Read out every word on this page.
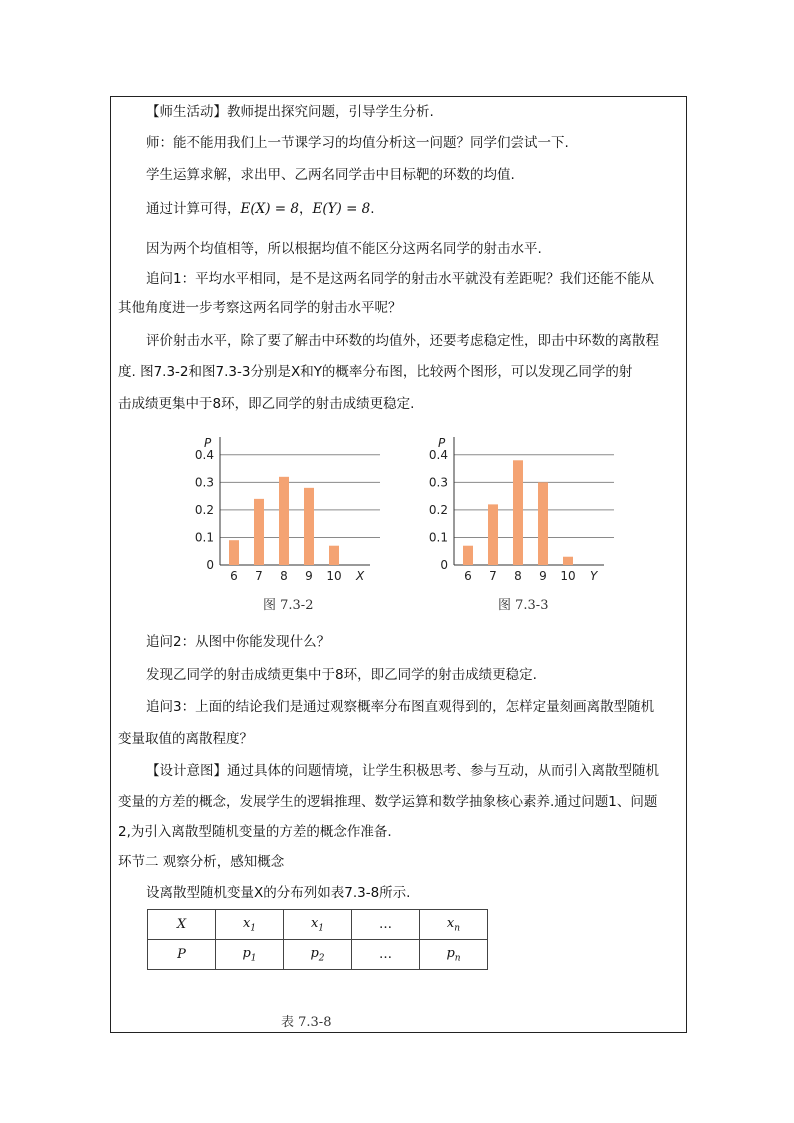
【师生活动】教师提出探究问题，引导学生分析.
师：能不能用我们上一节课学习的均值分析这一问题？同学们尝试一下.
学生运算求解，求出甲、乙两名同学击中目标靶的环数的均值.
通过计算可得，E(X) = 8，E(Y) = 8.
因为两个均值相等，所以根据均值不能区分这两名同学的射击水平.
追问1：平均水平相同，是不是这两名同学的射击水平就没有差距呢？我们还能不能从
其他角度进一步考察这两名同学的射击水平呢？
评价射击水平，除了要了解击中环数的均值外，还要考虑稳定性，即击中环数的离散程
度. 图7.3-2和图7.3-3分别是X和Y的概率分布图，比较两个图形，可以发现乙同学的射
击成绩更集中于8环，即乙同学的射击成绩更稳定.
0
0.1
0.2
0.3
0.4
P
6 7 8 9 10 X
0
0.1
0.2
0.3
0.4
P
6 7 8 9 10 Y
图 7.3-2	图 7.3-3
追问2：从图中你能发现什么？
发现乙同学的射击成绩更集中于8环，即乙同学的射击成绩更稳定.
追问3：上面的结论我们是通过观察概率分布图直观得到的，怎样定量刻画离散型随机
变量取值的离散程度？
【设计意图】通过具体的问题情境，让学生积极思考、参与互动，从而引入离散型随机
变量的方差的概念，发展学生的逻辑推理、数学运算和数学抽象核心素养.通过问题1、问题
2,为引入离散型随机变量的方差的概念作准备.
环节二 观察分析，感知概念
设离散型随机变量X的分布列如表7.3-8所示.
X	$x_1$	$x_1$	…	$x_n$
P	$p_1$	$p_2$	…	$p_n$
表 7.3-8
